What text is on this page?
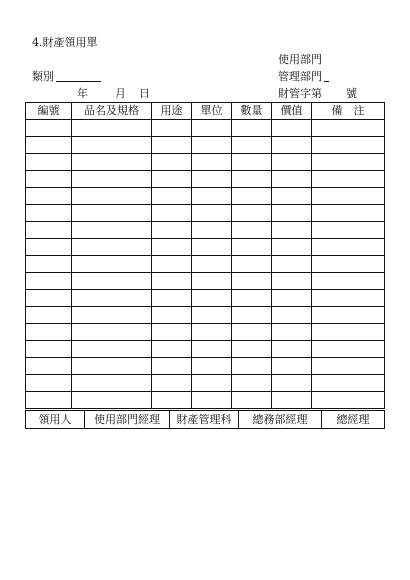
4.財產領用單
使用部門
類別	管理部門
年 月 日	財管字第 號
編號	品名及規格	用途	單位	數量	價值	備　注

領用人	使用部門經理	財產管理科	總務部經理	總經理
